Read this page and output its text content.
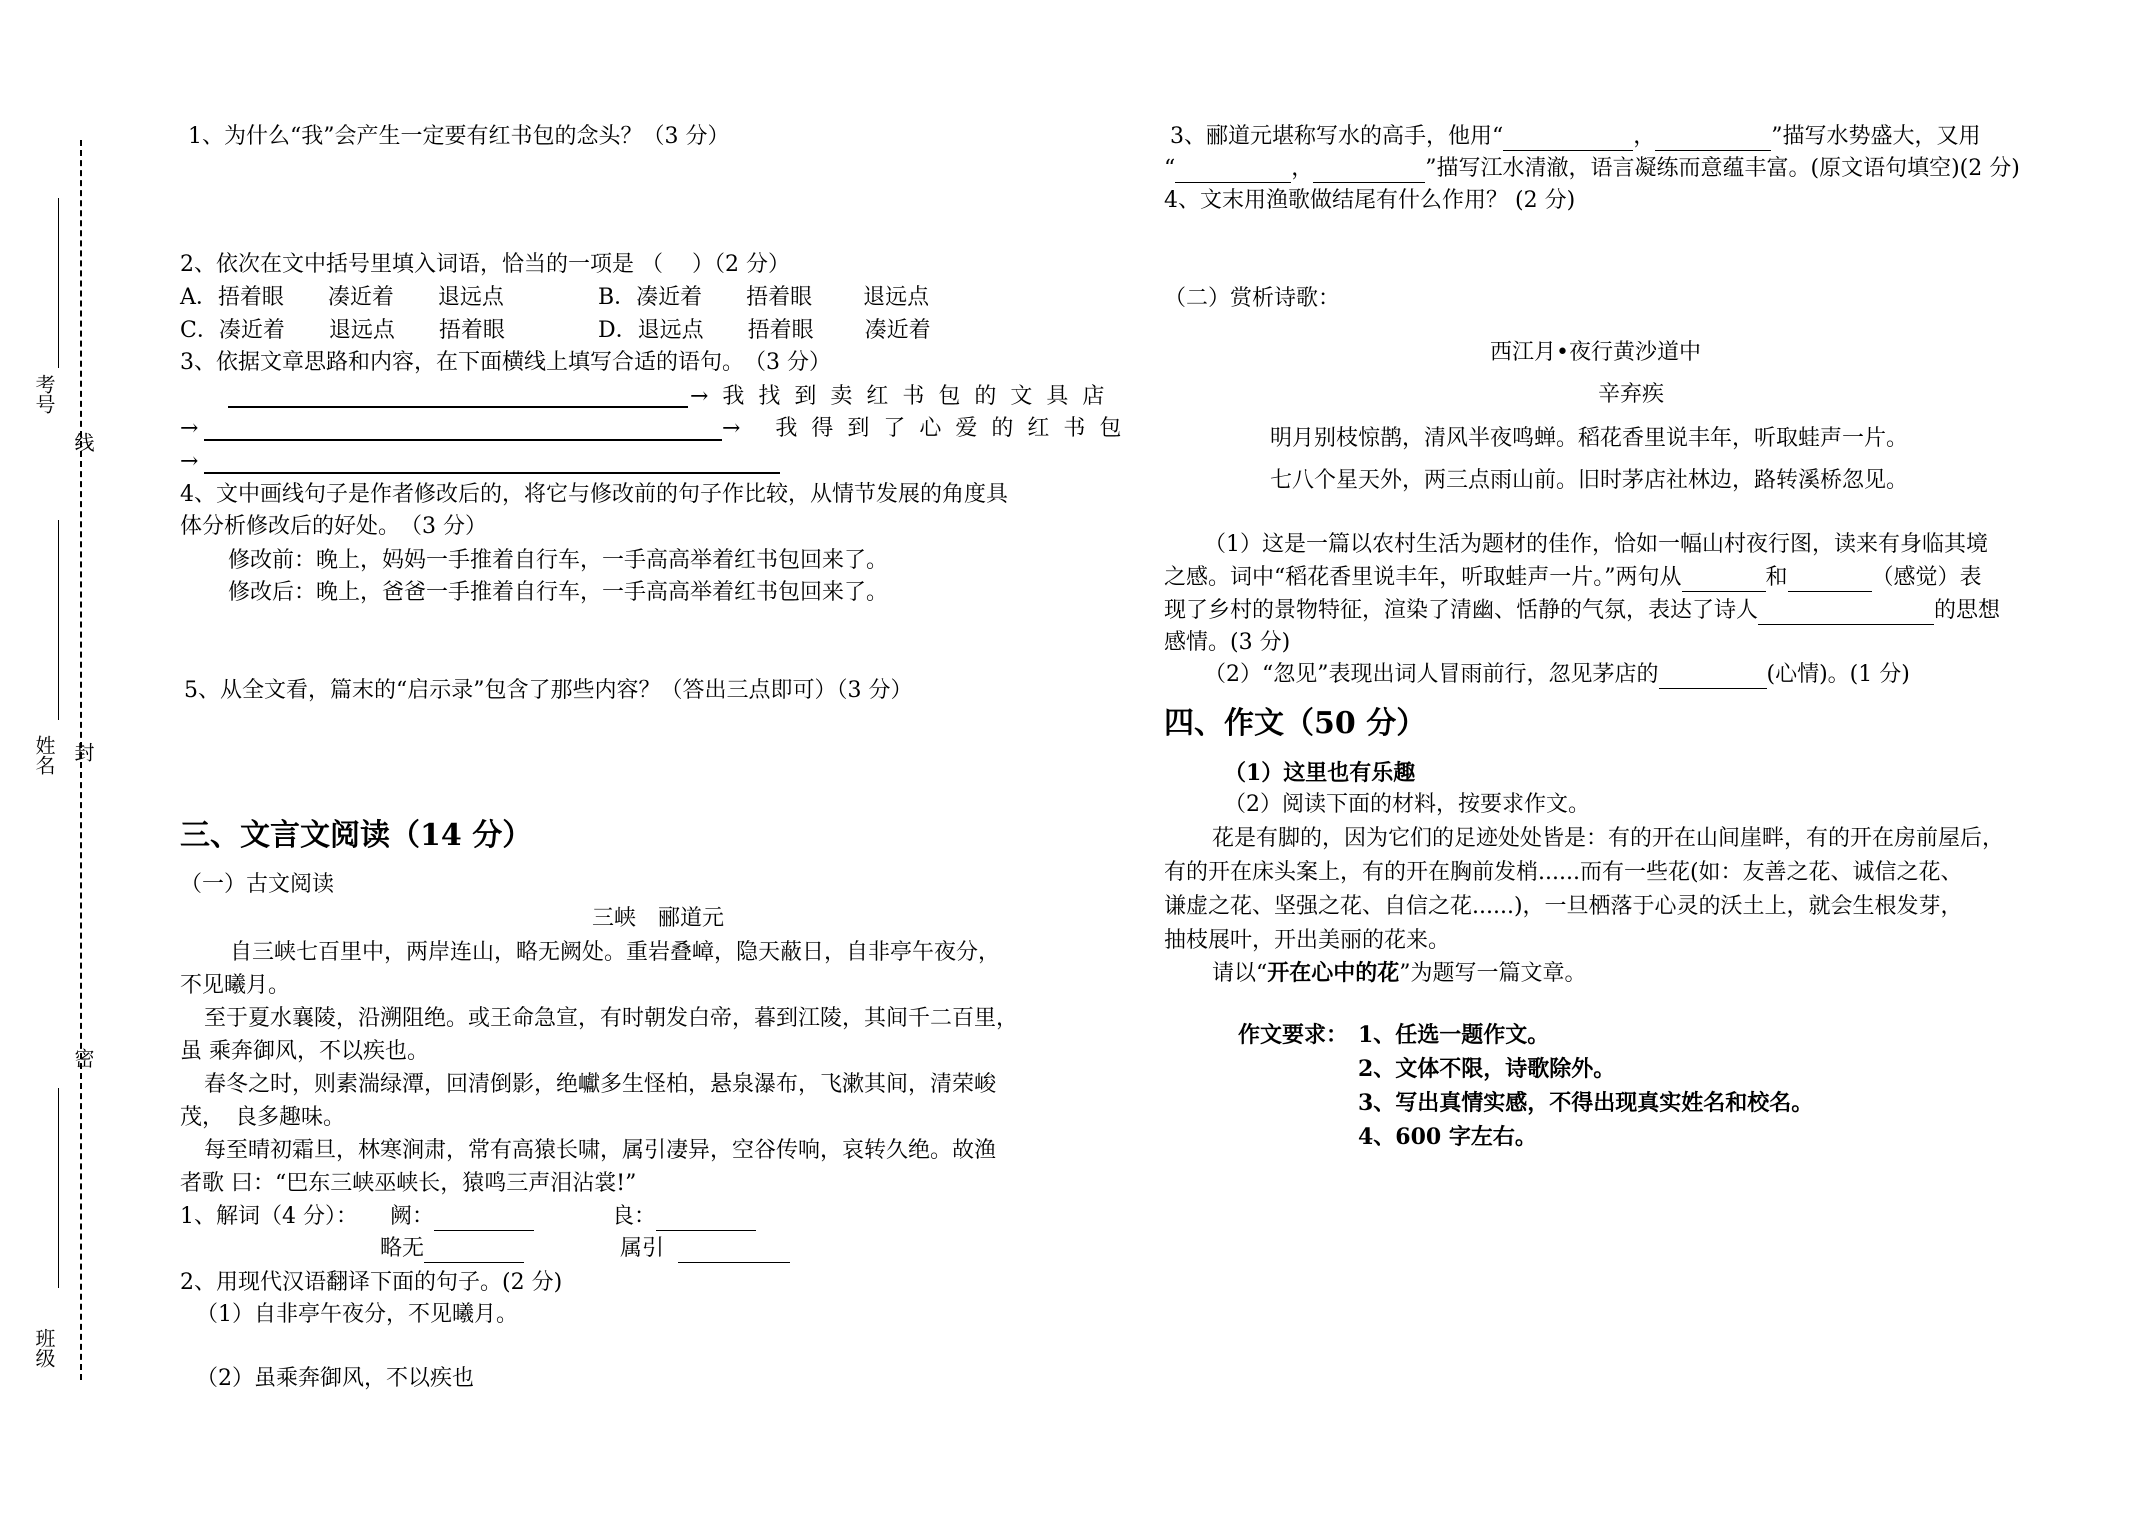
考号
线
姓名 封
密
班级
1、为什么“我”会产生一定要有红书包的念头？（3 分）
2、依次在文中括号里填入词语，恰当的一项是 （　 ）（2 分）
A．捂着眼　　凑近着　　退远点	B．凑近着　　捂着眼　　 退远点
C．凑近着　　退远点　　捂着眼	D．退远点　　捂着眼　　 凑近着
3、依据文章思路和内容，在下面横线上填写合适的语句。　（3 分）
→我找到卖红书包的文具店
→	→ 我得到了心爱的红书包
→
4、文中画线句子是作者修改后的，将它与修改前的句子作比较，从情节发展的角度具
体分析修改后的好处。　（3 分）
修改前：晚上，妈妈一手推着自行车，一手高高举着红书包回来了。
修改后：晚上，爸爸一手推着自行车，一手高高举着红书包回来了。
5、从全文看，篇末的“启示录”包含了那些内容？（答出三点即可）（3 分）
三、文言文阅读（14 分）
（一）古文阅读
三峡　郦道元
自三峡七百里中，两岸连山，略无阙处。重岩叠嶂，隐天蔽日，自非亭午夜分，
不见曦月。
至于夏水襄陵，沿溯阻绝。或王命急宣，有时朝发白帝，暮到江陵，其间千二百里，
虽 乘奔御风，不以疾也。
春冬之时，则素湍绿潭，回清倒影，绝巘多生怪柏，悬泉瀑布，飞漱其间，清荣峻
茂，　良多趣味。
每至晴初霜旦，林寒涧肃，常有高猿长啸，属引凄异，空谷传响，哀转久绝。故渔
者歌 曰：“巴东三峡巫峡长，猿鸣三声泪沾裳!”
1、解词（4 分）： 阙：	良：
略无	属引
2、用现代汉语翻译下面的句子。(2 分)
（1）自非亭午夜分，不见曦月。
（2）虽乘奔御风，不以疾也
3、郦道元堪称写水的高手，他用“	，	”描写水势盛大，又用
“	，	”描写江水清澈，语言凝练而意蕴丰富。(原文语句填空)(2 分)
4、文末用渔歌做结尾有什么作用？ (2 分)
（二）赏析诗歌：
西江月•夜行黄沙道中
辛弃疾
明月别枝惊鹊，清风半夜鸣蝉。稻花香里说丰年，听取蛙声一片。
七八个星天外，两三点雨山前。旧时茅店社林边，路转溪桥忽见。
（1）这是一篇以农村生活为题材的佳作，恰如一幅山村夜行图，读来有身临其境
之感。词中“稻花香里说丰年，听取蛙声一片。”两句从	和	（感觉）表
现了乡村的景物特征，渲染了清幽、恬静的气氛，表达了诗人	的思想
感情。(3 分)
（2）“忽见”表现出词人冒雨前行，忽见茅店的	(心情)。(1 分)
四、作文（50 分）
（1）这里也有乐趣
（2）阅读下面的材料，按要求作文。
花是有脚的，因为它们的足迹处处皆是：有的开在山间崖畔，有的开在房前屋后，
有的开在床头案上，有的开在胸前发梢......而有一些花(如：友善之花、诚信之花、
谦虚之花、坚强之花、自信之花......)，一旦栖落于心灵的沃土上，就会生根发芽，
抽枝展叶，开出美丽的花来。
请以“开在心中的花”为题写一篇文章。
作文要求： 1、任选一题作文。
2、文体不限，诗歌除外。
3、写出真情实感，不得出现真实姓名和校名。
4、600 字左右。
